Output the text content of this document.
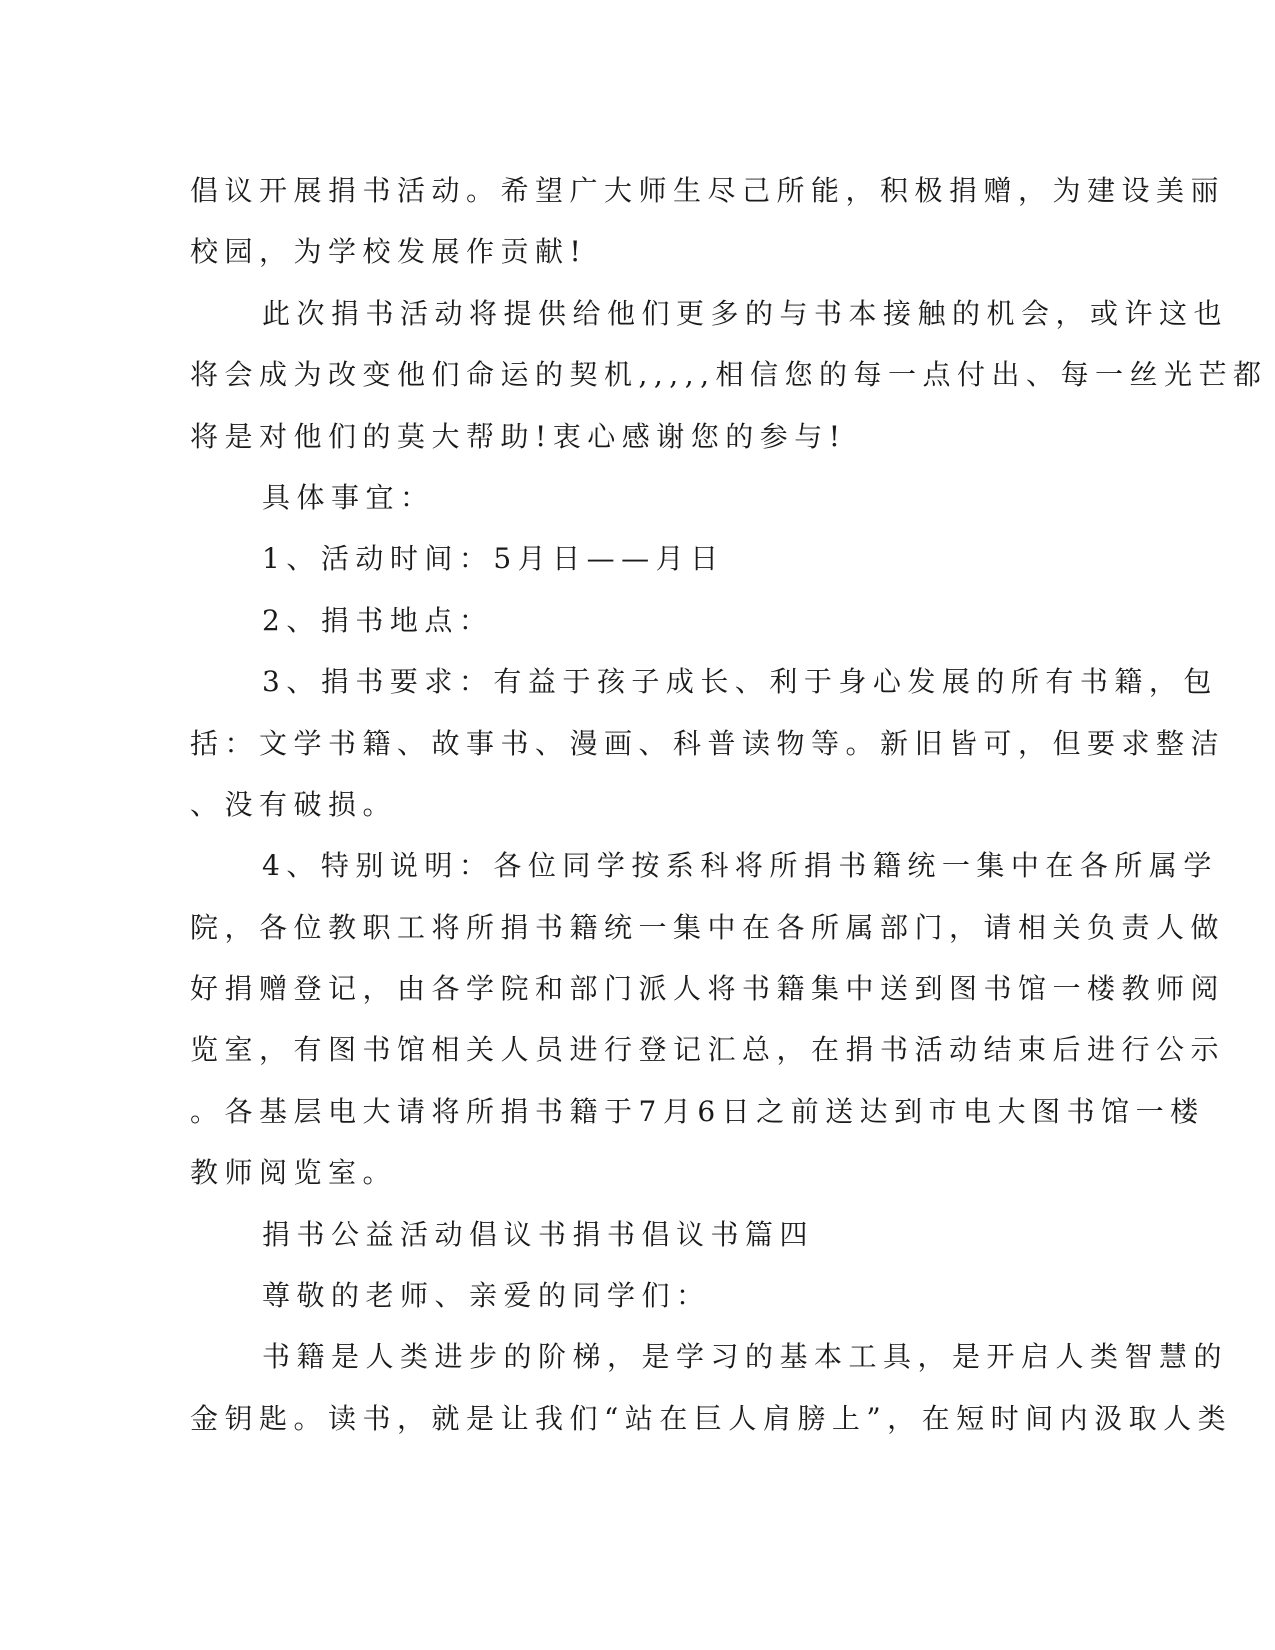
倡议开展捐书活动。希望广大师生尽己所能，积极捐赠，为建设美丽
校园，为学校发展作贡献!
此次捐书活动将提供给他们更多的与书本接触的机会，或许这也
将会成为改变他们命运的契机,,,,,相信您的每一点付出、每一丝光芒都
将是对他们的莫大帮助!衷心感谢您的参与!
具体事宜：
1、活动时间：5月日——月日
2、捐书地点：
3、捐书要求：有益于孩子成长、利于身心发展的所有书籍，包
括：文学书籍、故事书、漫画、科普读物等。新旧皆可，但要求整洁
、没有破损。
4、特别说明：各位同学按系科将所捐书籍统一集中在各所属学
院，各位教职工将所捐书籍统一集中在各所属部门，请相关负责人做
好捐赠登记，由各学院和部门派人将书籍集中送到图书馆一楼教师阅
览室，有图书馆相关人员进行登记汇总，在捐书活动结束后进行公示
。各基层电大请将所捐书籍于7月6日之前送达到市电大图书馆一楼
教师阅览室。
捐书公益活动倡议书捐书倡议书篇四
尊敬的老师、亲爱的同学们：
书籍是人类进步的阶梯，是学习的基本工具，是开启人类智慧的
金钥匙。读书，就是让我们“站在巨人肩膀上”，在短时间内汲取人类
